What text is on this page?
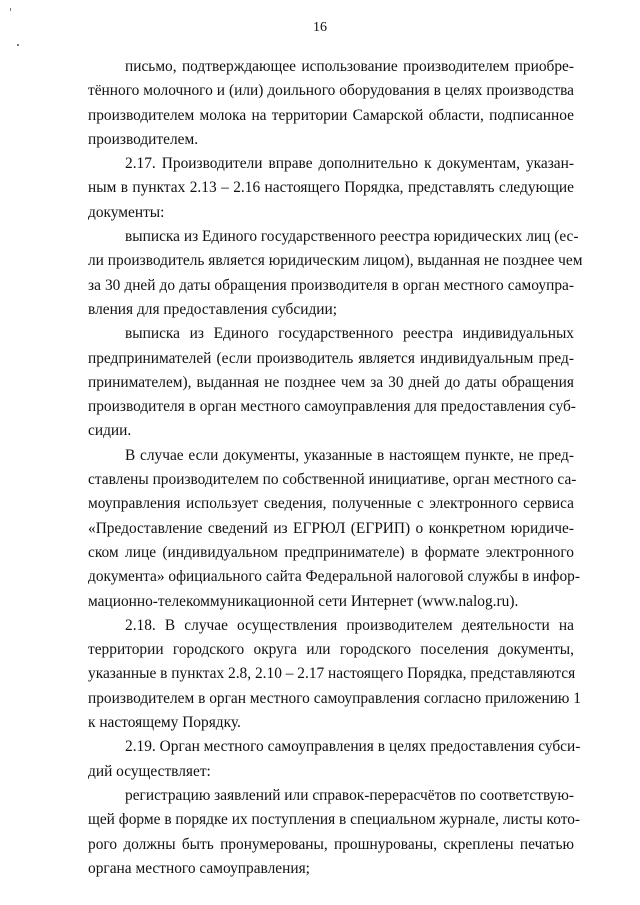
16
письмо, подтверждающее использование производителем приобре-
тённого молочного и (или) доильного оборудования в целях производства
производителем молока на территории Самарской области, подписанное
производителем.
2.17. Производители вправе дополнительно к документам, указан-
ным в пунктах 2.13 – 2.16 настоящего Порядка, представлять следующие
документы:
выписка из Единого государственного реестра юридических лиц (ес-
ли производитель является юридическим лицом), выданная не позднее чем
за 30 дней до даты обращения производителя в орган местного самоупра-
вления для предоставления субсидии;
выписка из Единого государственного реестра индивидуальных
предпринимателей (если производитель является индивидуальным пред-
принимателем), выданная не позднее чем за 30 дней до даты обращения
производителя в орган местного самоуправления для предоставления суб-
сидии.
В случае если документы, указанные в настоящем пункте, не пред-
ставлены производителем по собственной инициативе, орган местного са-
моуправления использует сведения, полученные с электронного сервиса
«Предоставление сведений из ЕГРЮЛ (ЕГРИП) о конкретном юридиче-
ском лице (индивидуальном предпринимателе) в формате электронного
документа» официального сайта Федеральной налоговой службы в инфор-
мационно-телекоммуникационной сети Интернет (www.nalog.ru).
2.18. В случае осуществления производителем деятельности на
территории городского округа или городского поселения документы,
указанные в пунктах 2.8, 2.10 – 2.17 настоящего Порядка, представляются
производителем в орган местного самоуправления согласно приложению 1
к настоящему Порядку.
2.19. Орган местного самоуправления в целях предоставления субси-
дий осуществляет:
регистрацию заявлений или справок-перерасчётов по соответствую-
щей форме в порядке их поступления в специальном журнале, листы кото-
рого должны быть пронумерованы, прошнурованы, скреплены печатью
органа местного самоуправления;
